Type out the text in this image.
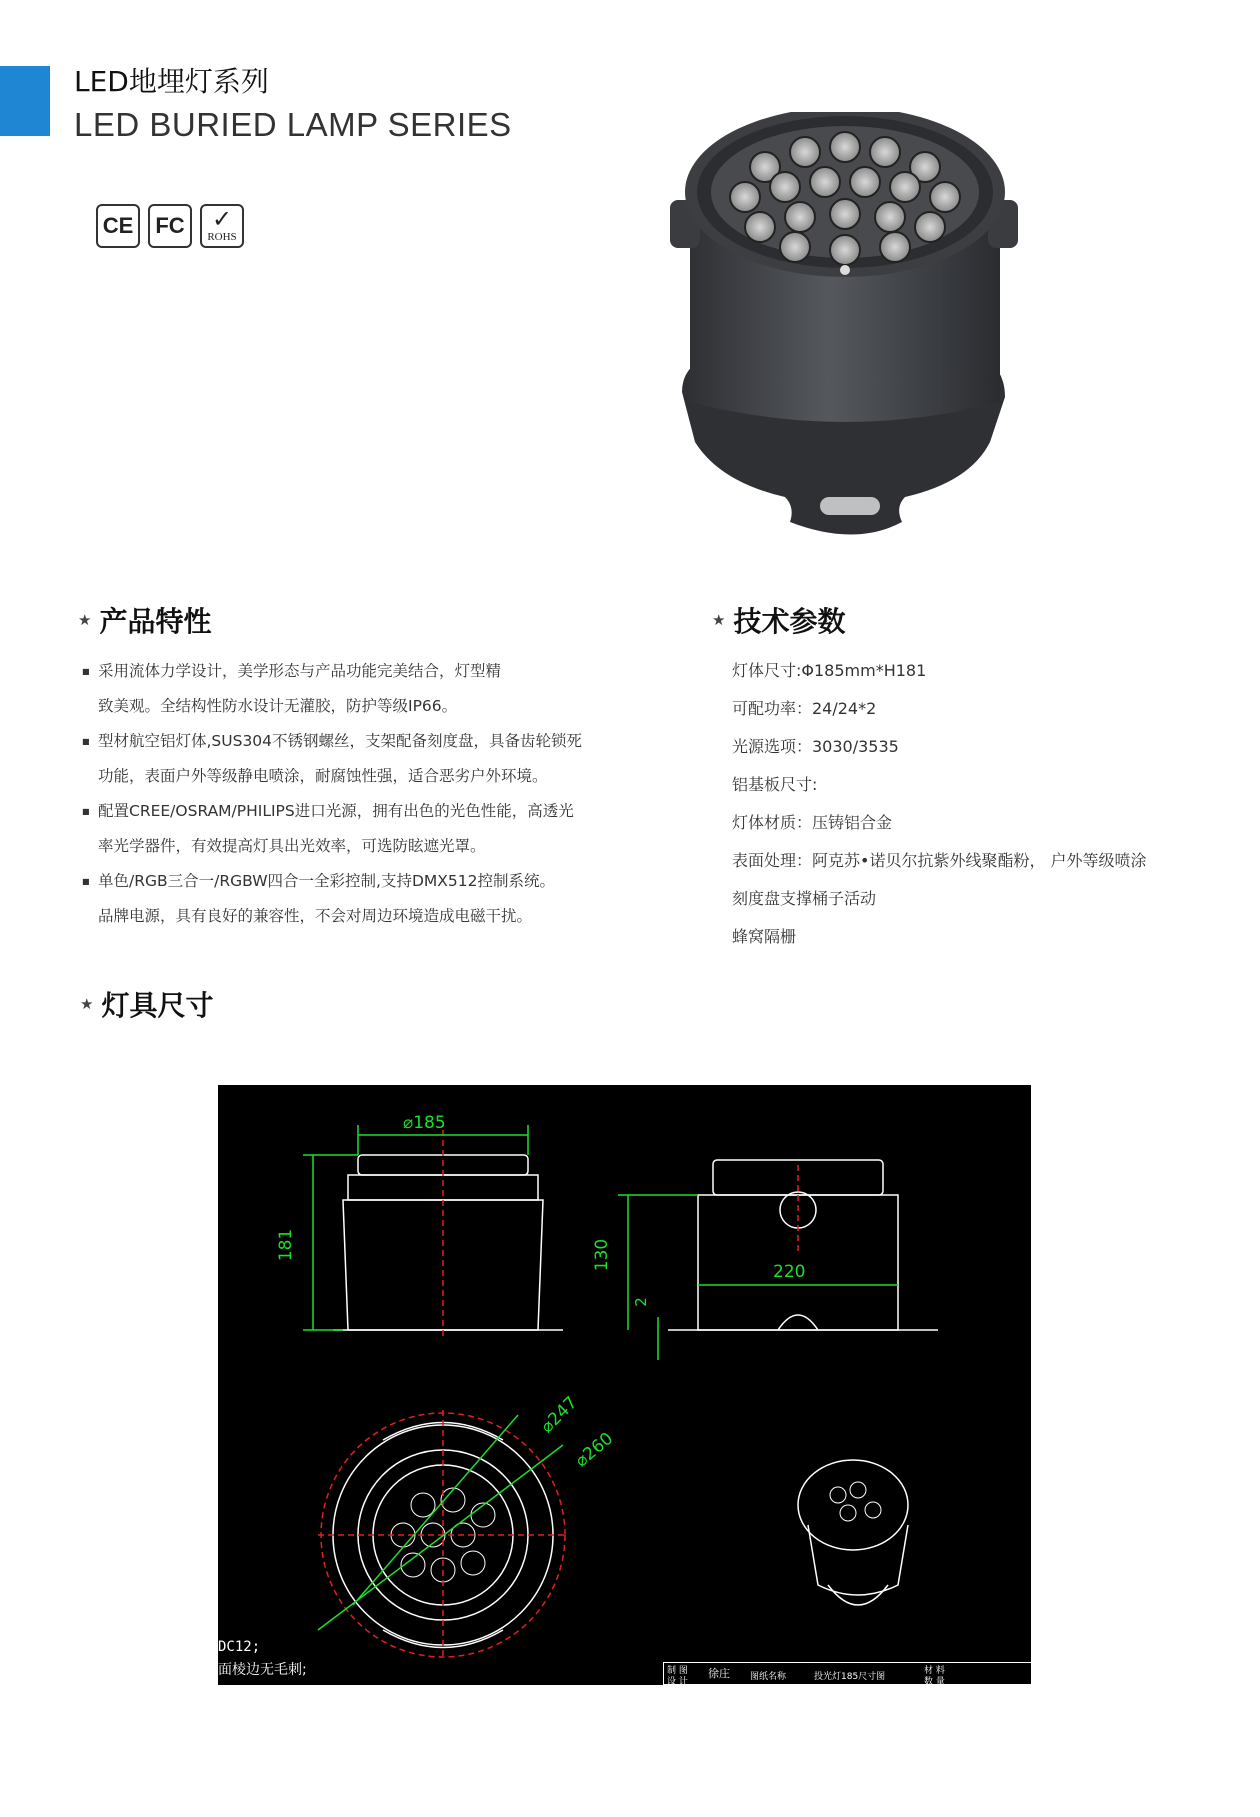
LED地埋灯系列
LED BURIED LAMP SERIES
CE FC ✓
ROHS
★ 产品特性
■ 采用流体力学设计，美学形态与产品功能完美结合，灯型精
致美观。全结构性防水设计无灌胶，防护等级IP66。
■ 型材航空铝灯体,SUS304不锈钢螺丝，支架配备刻度盘，具备齿轮锁死
功能，表面户外等级静电喷涂，耐腐蚀性强，适合恶劣户外环境。
■ 配置CREE/OSRAM/PHILIPS进口光源，拥有出色的光色性能，高透光
率光学器件，有效提高灯具出光效率，可选防眩遮光罩。
■ 单色/RGB三合一/RGBW四合一全彩控制,支持DMX512控制系统。
品牌电源，具有良好的兼容性，不会对周边环境造成电磁干扰。
★ 技术参数
灯体尺寸:Φ185mm*H181
可配功率：24/24*2
光源选项：3030/3535
铝基板尺寸:
灯体材质：压铸铝合金
表面处理：阿克苏•诺贝尔抗紫外线聚酯粉， 户外等级喷涂
刻度盘支撑桶子活动
蜂窝隔栅
★ 灯具尺寸
⌀185
181	130
2
220
⌀247
⌀260
DC12;
面棱边无毛刺;	制 图
设 计
徐庄 图纸名称	投光灯185尺寸图
材 料
数 量
